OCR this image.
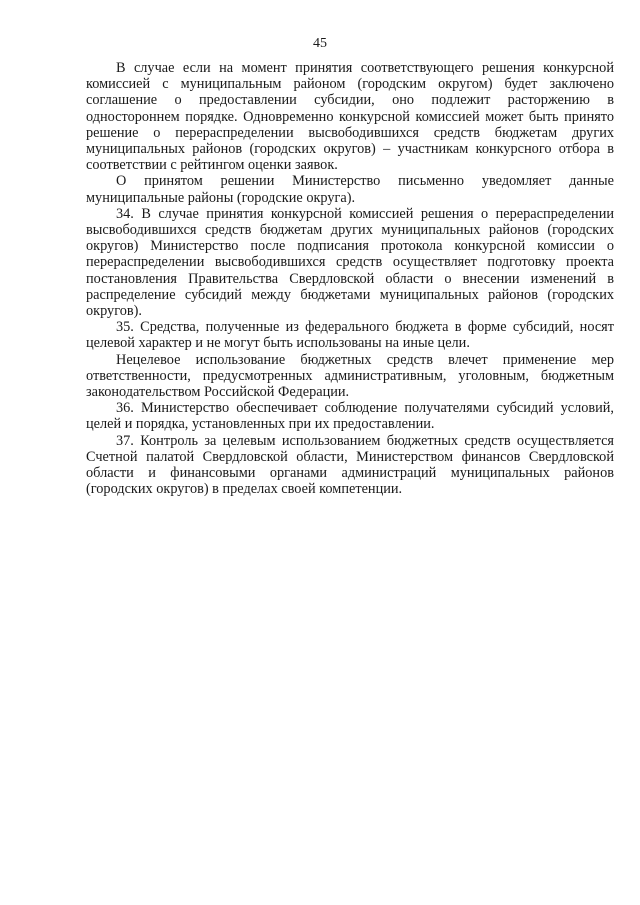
45

В случае если на момент принятия соответствующего решения конкурсной комиссией с муниципальным районом (городским округом) будет заключено соглашение о предоставлении субсидии, оно подлежит расторжению в одностороннем порядке. Одновременно конкурсной комиссией может быть принято решение о перераспределении высвободившихся средств бюджетам других муниципальных районов (городских округов) – участникам конкурсного отбора в соответствии с рейтингом оценки заявок.

О принятом решении Министерство письменно уведомляет данные муниципальные районы (городские округа).

34. В случае принятия конкурсной комиссией решения о перераспределении высвободившихся средств бюджетам других муниципальных районов (городских округов) Министерство после подписания протокола конкурсной комиссии о перераспределении высвободившихся средств осуществляет подготовку проекта постановления Правительства Свердловской области о внесении изменений в распределение субсидий между бюджетами муниципальных районов (городских округов).

35. Средства, полученные из федерального бюджета в форме субсидий, носят целевой характер и не могут быть использованы на иные цели.

Нецелевое использование бюджетных средств влечет применение мер ответственности, предусмотренных административным, уголовным, бюджетным законодательством Российской Федерации.

36. Министерство обеспечивает соблюдение получателями субсидий условий, целей и порядка, установленных при их предоставлении.

37. Контроль за целевым использованием бюджетных средств осуществляется Счетной палатой Свердловской области, Министерством финансов Свердловской области и финансовыми органами администраций муниципальных районов (городских округов) в пределах своей компетенции.
